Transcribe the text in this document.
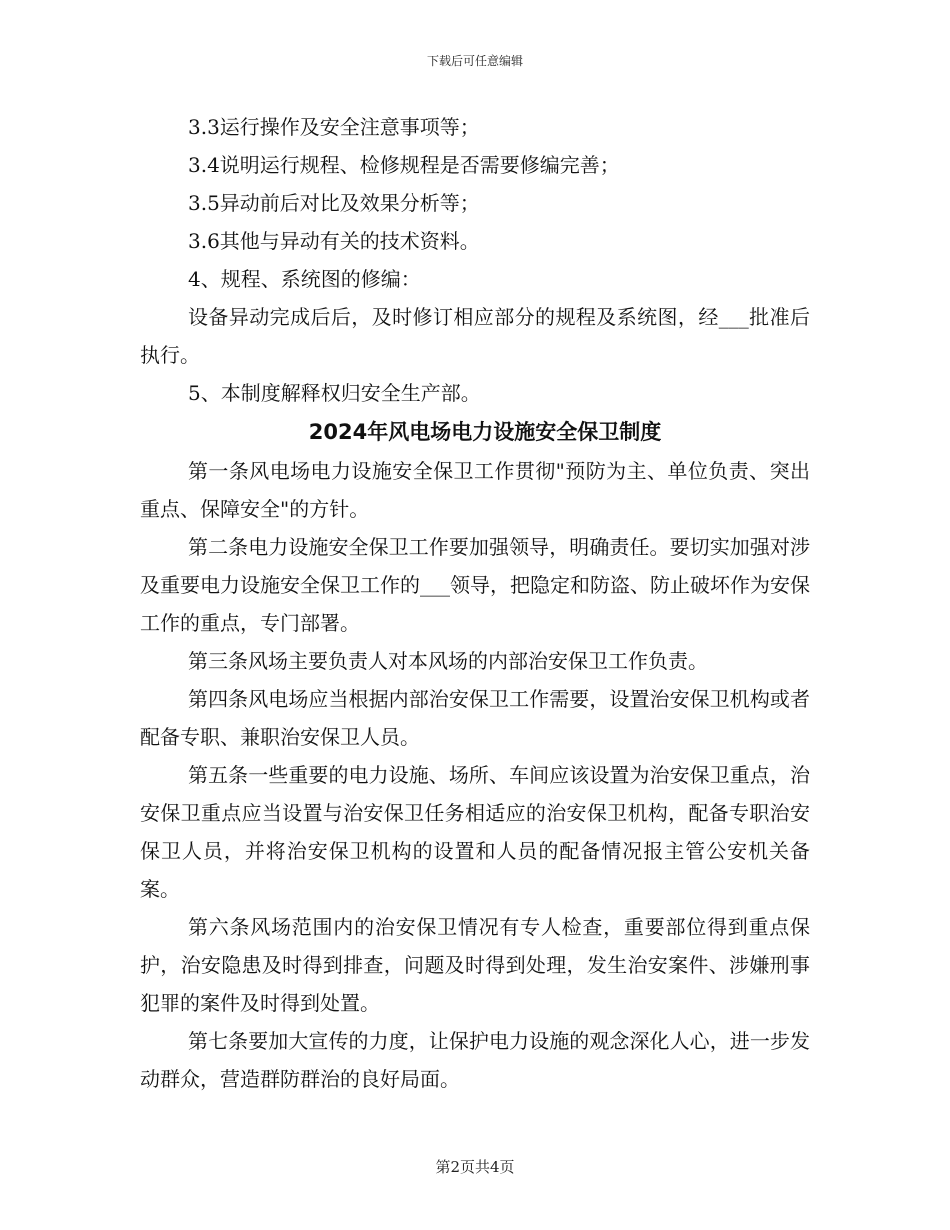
下载后可任意编辑

3.3运行操作及安全注意事项等；

3.4说明运行规程、检修规程是否需要修编完善；

3.5异动前后对比及效果分析等；

3.6其他与异动有关的技术资料。

4、规程、系统图的修编：

设备异动完成后后，及时修订相应部分的规程及系统图，经___批准后执行。

5、本制度解释权归安全生产部。

2024年风电场电力设施安全保卫制度

第一条风电场电力设施安全保卫工作贯彻"预防为主、单位负责、突出重点、保障安全"的方针。

第二条电力设施安全保卫工作要加强领导，明确责任。要切实加强对涉及重要电力设施安全保卫工作的___领导，把隐定和防盗、防止破坏作为安保工作的重点，专门部署。

第三条风场主要负责人对本风场的内部治安保卫工作负责。

第四条风电场应当根据内部治安保卫工作需要，设置治安保卫机构或者配备专职、兼职治安保卫人员。

第五条一些重要的电力设施、场所、车间应该设置为治安保卫重点，治安保卫重点应当设置与治安保卫任务相适应的治安保卫机构，配备专职治安保卫人员，并将治安保卫机构的设置和人员的配备情况报主管公安机关备案。

第六条风场范围内的治安保卫情况有专人检查，重要部位得到重点保护，治安隐患及时得到排查，问题及时得到处理，发生治安案件、涉嫌刑事犯罪的案件及时得到处置。

第七条要加大宣传的力度，让保护电力设施的观念深化人心，进一步发动群众，营造群防群治的良好局面。

第2页共4页
